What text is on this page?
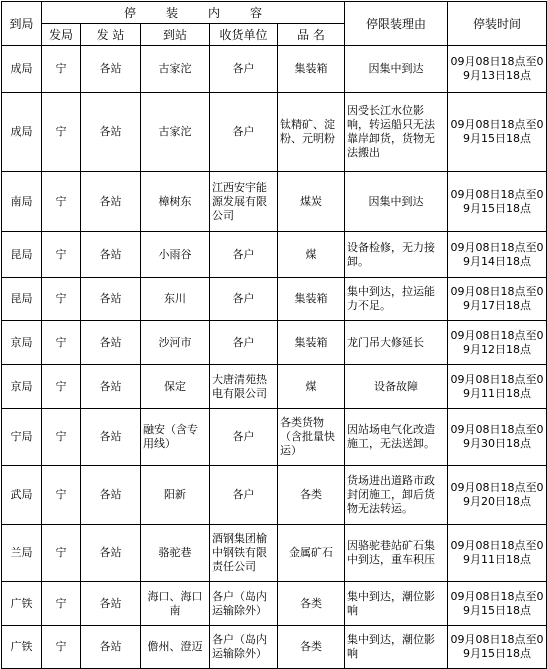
到局	停装内容					停限装理由	停装时间
	发局	发 站	到站	收货单位	品 名		
成局	宁	各站	古家沱	各户	集装箱	因集中到达	09月08日18点至09月13日18点
成局	宁	各站	古家沱	各户	钛精矿、淀粉、元明粉	因受长江水位影响，转运船只无法靠岸卸货，货物无法搬出	09月08日18点至09月15日18点
南局	宁	各站	樟树东	江西安宇能源发展有限公司	煤炭	因集中到达	09月08日18点至09月15日18点
昆局	宁	各站	小雨谷	各户	煤	设备检修，无力接卸。	09月08日18点至09月14日18点
昆局	宁	各站	东川	各户	集装箱	集中到达，拉运能力不足。	09月08日18点至09月17日18点
京局	宁	各站	沙河市	各户	集装箱	龙门吊大修延长	09月08日18点至09月12日18点
京局	宁	各站	保定	大唐清苑热电有限公司	煤	设备故障	09月08日18点至09月11日18点
宁局	宁	各站	融安（含专用线）	各户	各类货物（含批量快运）	因站场电气化改造施工，无法送卸。	09月08日18点至09月30日18点
武局	宁	各站	阳新	各户	各类	货场进出道路市政封闭施工，卸后货物无法转运。	09月08日18点至09月20日18点
兰局	宁	各站	骆驼巷	酒钢集团榆中钢铁有限责任公司	金属矿石	因骆驼巷站矿石集中到达，重车积压	09月08日18点至09月11日18点
广铁	宁	各站	海口、海口南	各户（岛内运输除外）	各类	集中到达，潮位影响	09月08日18点至09月15日18点
广铁	宁	各站	儋州、澄迈	各户（岛内运输除外）	各类	集中到达，潮位影响	09月08日18点至09月15日18点
